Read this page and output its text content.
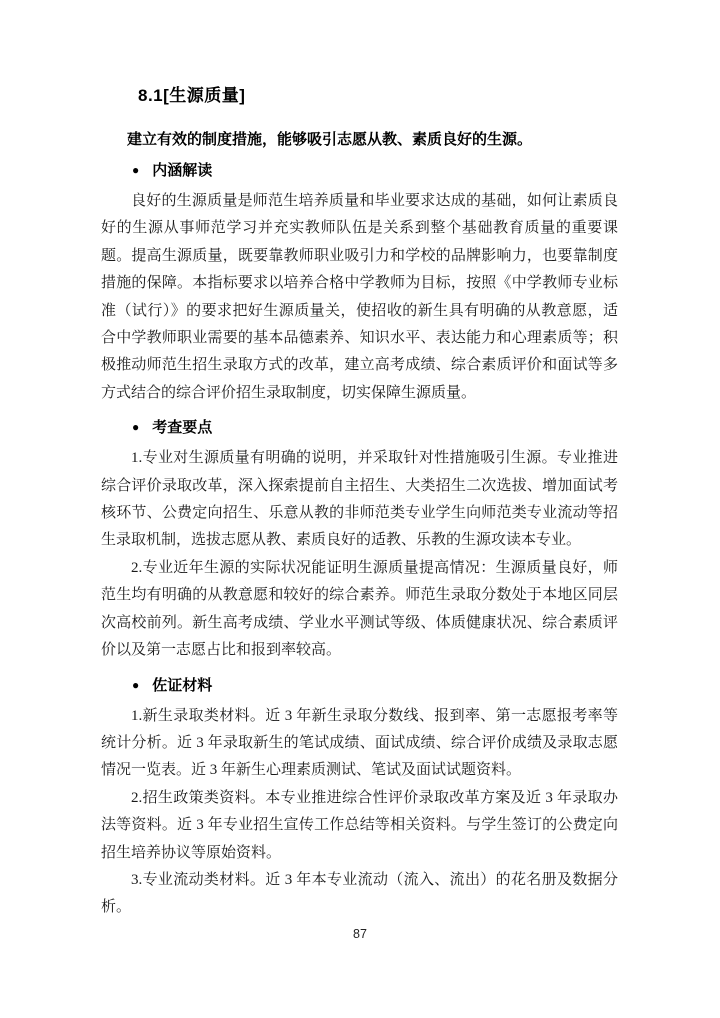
8.1[生源质量]

建立有效的制度措施，能够吸引志愿从教、素质良好的生源。

● 内涵解读

良好的生源质量是师范生培养质量和毕业要求达成的基础，如何让素质良好的生源从事师范学习并充实教师队伍是关系到整个基础教育质量的重要课题。提高生源质量，既要靠教师职业吸引力和学校的品牌影响力，也要靠制度措施的保障。本指标要求以培养合格中学教师为目标，按照《中学教师专业标准（试行）》的要求把好生源质量关，使招收的新生具有明确的从教意愿，适合中学教师职业需要的基本品德素养、知识水平、表达能力和心理素质等；积极推动师范生招生录取方式的改革，建立高考成绩、综合素质评价和面试等多方式结合的综合评价招生录取制度，切实保障生源质量。

● 考查要点

1.专业对生源质量有明确的说明，并采取针对性措施吸引生源。专业推进综合评价录取改革，深入探索提前自主招生、大类招生二次选拔、增加面试考核环节、公费定向招生、乐意从教的非师范类专业学生向师范类专业流动等招生录取机制，选拔志愿从教、素质良好的适教、乐教的生源攻读本专业。

2.专业近年生源的实际状况能证明生源质量提高情况：生源质量良好，师范生均有明确的从教意愿和较好的综合素养。师范生录取分数处于本地区同层次高校前列。新生高考成绩、学业水平测试等级、体质健康状况、综合素质评价以及第一志愿占比和报到率较高。

● 佐证材料

1.新生录取类材料。近 3 年新生录取分数线、报到率、第一志愿报考率等统计分析。近 3 年录取新生的笔试成绩、面试成绩、综合评价成绩及录取志愿情况一览表。近 3 年新生心理素质测试、笔试及面试试题资料。

2.招生政策类资料。本专业推进综合性评价录取改革方案及近 3 年录取办法等资料。近 3 年专业招生宣传工作总结等相关资料。与学生签订的公费定向招生培养协议等原始资料。

3.专业流动类材料。近 3 年本专业流动（流入、流出）的花名册及数据分析。

87
